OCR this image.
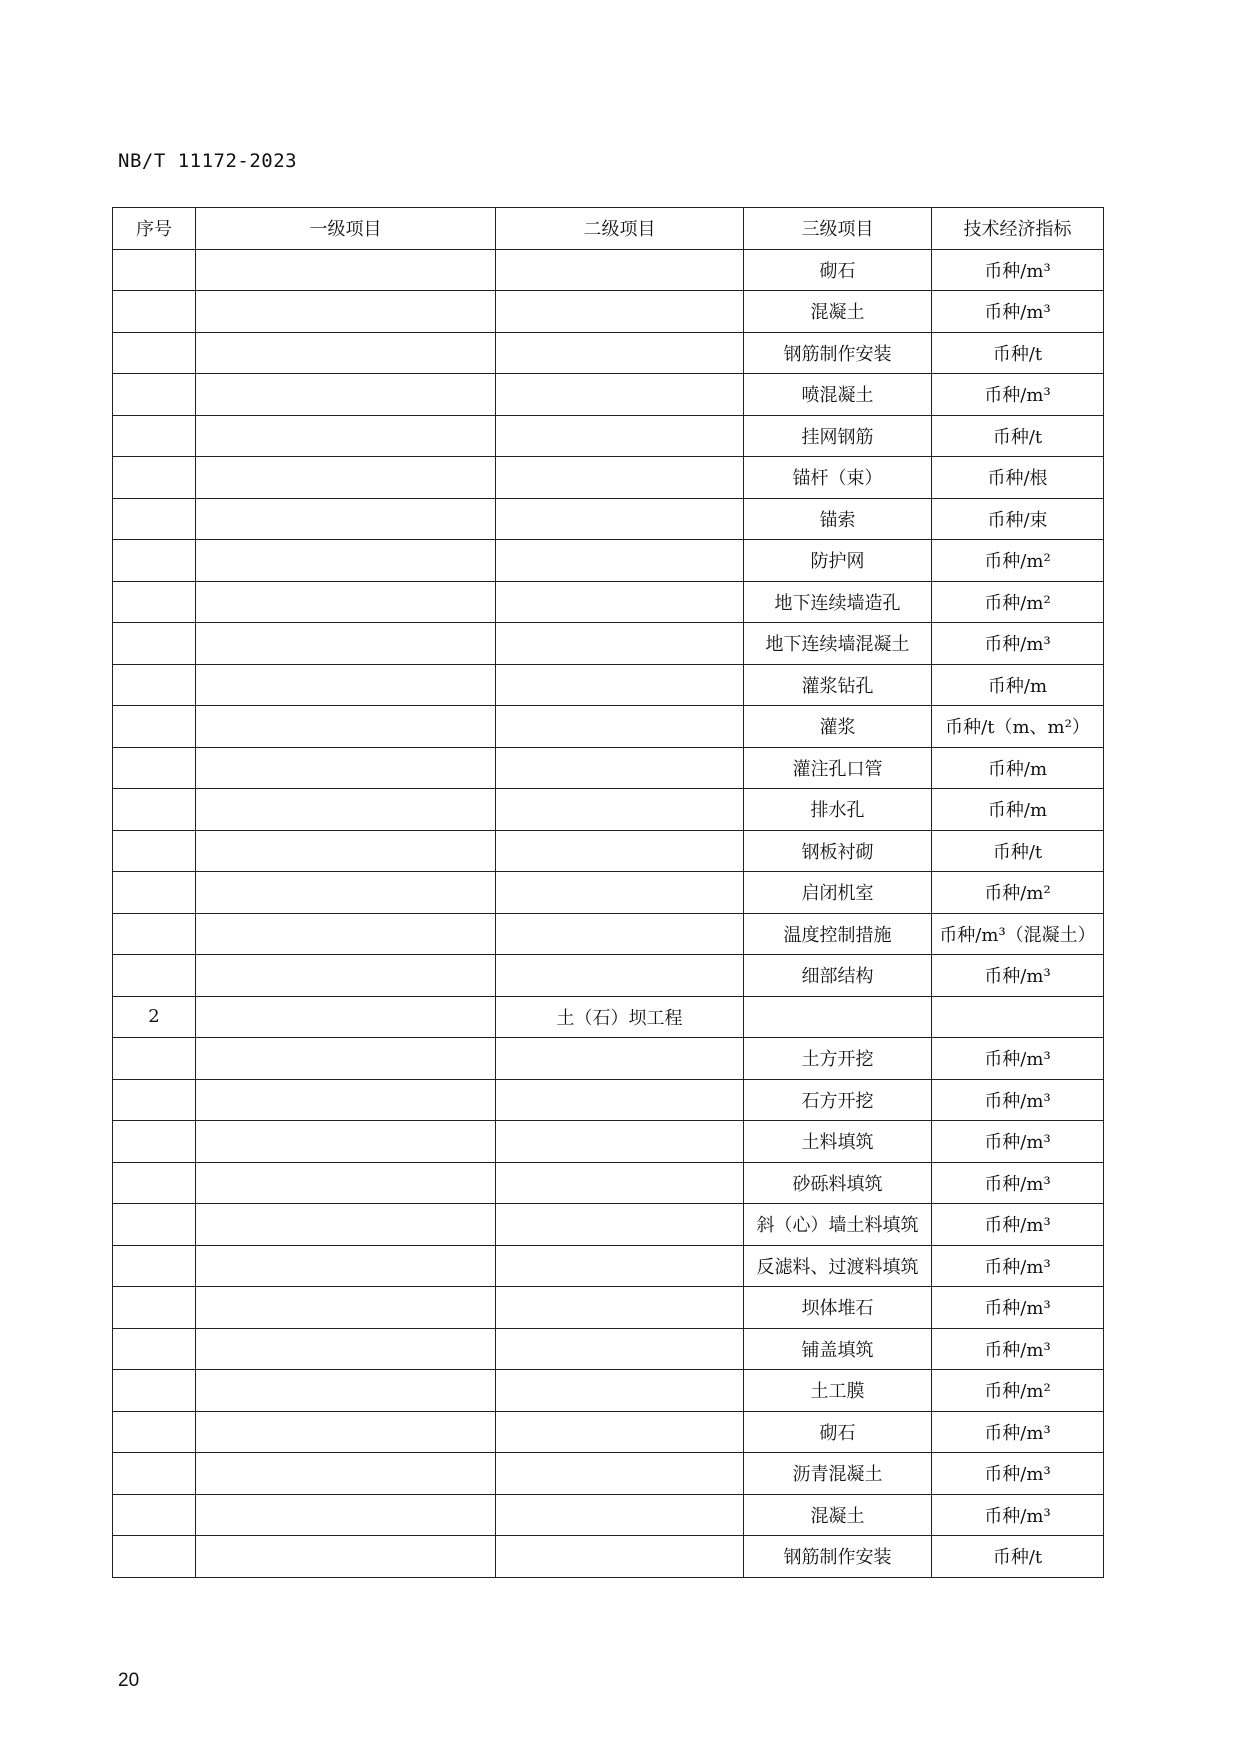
NB/T 11172-2023
序号	一级项目	二级项目	三级项目	技术经济指标
			砌石	币种/m³
			混凝土	币种/m³
			钢筋制作安装	币种/t
			喷混凝土	币种/m³
			挂网钢筋	币种/t
			锚杆（束）	币种/根
			锚索	币种/束
			防护网	币种/m²
			地下连续墙造孔	币种/m²
			地下连续墙混凝土	币种/m³
			灌浆钻孔	币种/m
			灌浆	币种/t（m、m²）
			灌注孔口管	币种/m
			排水孔	币种/m
			钢板衬砌	币种/t
			启闭机室	币种/m²
			温度控制措施	币种/m³（混凝土）
			细部结构	币种/m³
2		土（石）坝工程		
			土方开挖	币种/m³
			石方开挖	币种/m³
			土料填筑	币种/m³
			砂砾料填筑	币种/m³
			斜（心）墙土料填筑	币种/m³
			反滤料、过渡料填筑	币种/m³
			坝体堆石	币种/m³
			铺盖填筑	币种/m³
			土工膜	币种/m²
			砌石	币种/m³
			沥青混凝土	币种/m³
			混凝土	币种/m³
			钢筋制作安装	币种/t
20
